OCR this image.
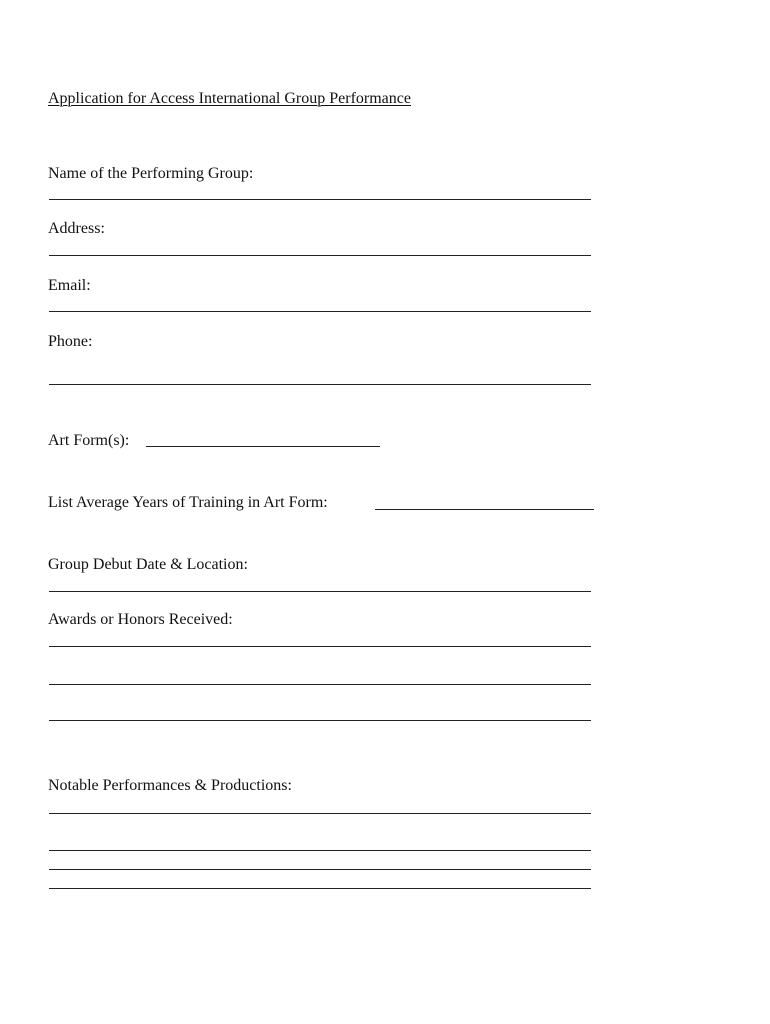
Application for Access International Group Performance
Name of the Performing Group:
Address:
Email:
Phone:
Art Form(s):
List Average Years of Training in Art Form:
Group Debut Date & Location:
Awards or Honors Received:
Notable Performances & Productions:
